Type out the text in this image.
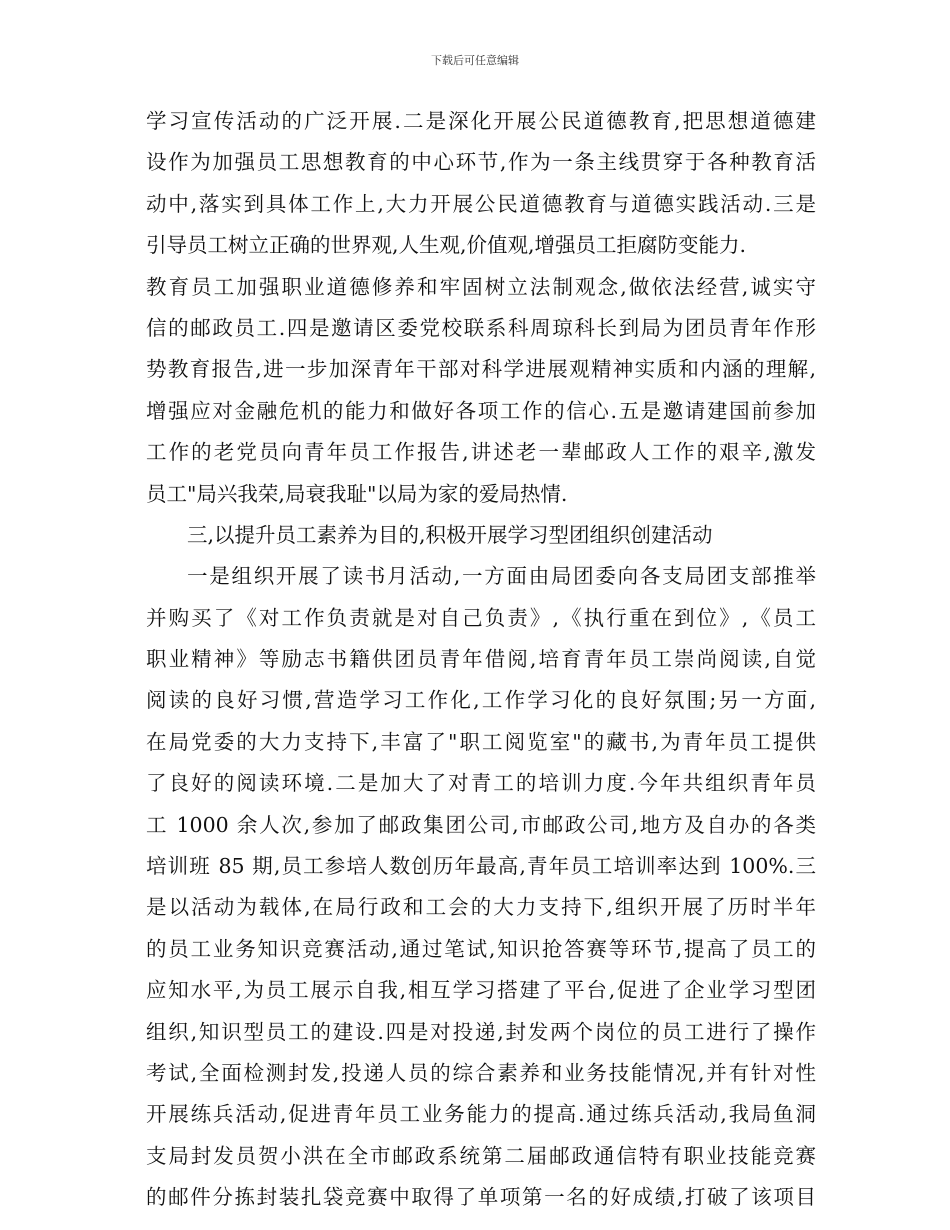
下载后可任意编辑
学习宣传活动的广泛开展.二是深化开展公民道德教育,把思想道德建
设作为加强员工思想教育的中心环节,作为一条主线贯穿于各种教育活
动中,落实到具体工作上,大力开展公民道德教育与道德实践活动.三是
引导员工树立正确的世界观,人生观,价值观,增强员工拒腐防变能力.
教育员工加强职业道德修养和牢固树立法制观念,做依法经营,诚实守
信的邮政员工.四是邀请区委党校联系科周琼科长到局为团员青年作形
势教育报告,进一步加深青年干部对科学进展观精神实质和内涵的理解,
增强应对金融危机的能力和做好各项工作的信心.五是邀请建国前参加
工作的老党员向青年员工作报告,讲述老一辈邮政人工作的艰辛,激发
员工"局兴我荣,局衰我耻"以局为家的爱局热情.
三,以提升员工素养为目的,积极开展学习型团组织创建活动
一是组织开展了读书月活动,一方面由局团委向各支局团支部推举
并购买了《对工作负责就是对自己负责》,《执行重在到位》,《员工
职业精神》等励志书籍供团员青年借阅,培育青年员工崇尚阅读,自觉
阅读的良好习惯,营造学习工作化,工作学习化的良好氛围;另一方面,
在局党委的大力支持下,丰富了"职工阅览室"的藏书,为青年员工提供
了良好的阅读环境.二是加大了对青工的培训力度.今年共组织青年员
工 1000 余人次,参加了邮政集团公司,市邮政公司,地方及自办的各类
培训班 85 期,员工参培人数创历年最高,青年员工培训率达到 100%.三
是以活动为载体,在局行政和工会的大力支持下,组织开展了历时半年
的员工业务知识竞赛活动,通过笔试,知识抢答赛等环节,提高了员工的
应知水平,为员工展示自我,相互学习搭建了平台,促进了企业学习型团
组织,知识型员工的建设.四是对投递,封发两个岗位的员工进行了操作
考试,全面检测封发,投递人员的综合素养和业务技能情况,并有针对性
开展练兵活动,促进青年员工业务能力的提高.通过练兵活动,我局鱼洞
支局封发员贺小洪在全市邮政系统第二届邮政通信特有职业技能竞赛
的邮件分拣封装扎袋竞赛中取得了单项第一名的好成绩,打破了该项目
